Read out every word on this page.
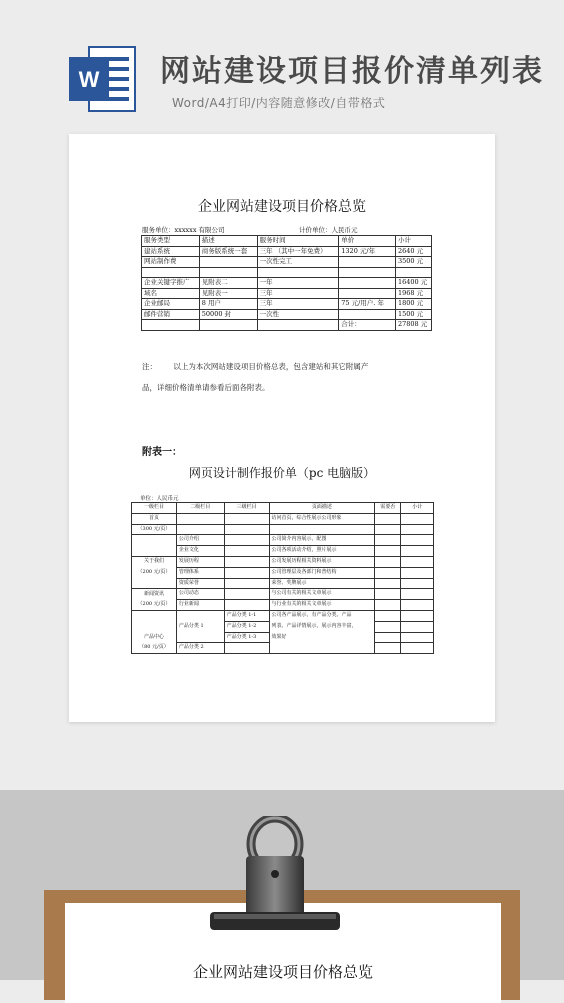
W 网站建设项目报价清单列表
Word/A4打印/内容随意修改/自带格式
企业网站建设项目价格总览
服务单位：xxxxxx 有限公司	计价单位：人民币元
服务类型	描述	服务时间	单价	小计
建站系统	商务版系统一套	三年 （其中一年免费）	1320 元/年	2640 元
网站制作费		一次性完工		3500 元

企业关键字推广	见附表二	一年		16400 元
域名	见附表一	三年		1968 元
企业邮局	8 用户	三年	75 元/用户. 年	1800 元
邮件营销	50000 封	一次性		1500 元
			合计：	27808 元
注： 以上为本次网站建设项目价格总表，包含建站和其它附属产
品，详细价格清单请参看后面各附表。
附表一：
网页设计制作报价单（pc 电脑版）
单位：人民币元
一级栏目	二级栏目	三级栏目	页面描述	需要否	小计
首页			访问首页，综合性展示公司形象		
（300 元/页）					
	公司介绍		公司简介内容展示，配图		
	企业文化		公司各项活动介绍，照片展示		
关于我们	发展历程		公司发展历程相关资料展示		
（200 元/页）	管理体系		公司管理层及各部门和普结构		
	资质荣誉		荣誉、奖牌展示		
新闻资讯	公司动态		与公司有关的相关文章展示		
（200 元/页）	行业新闻		与行业有关的相关文章展示		
		产品分类 1-1	公司各产品展示，有产品分类、产品		
	产品分类 1	产品分类 1-2	列表、产品详情展示，展示内容丰富，		
产品中心		产品分类 1-3	效果好		
（80 元/页）	产品分类 2				
企业网站建设项目价格总览
